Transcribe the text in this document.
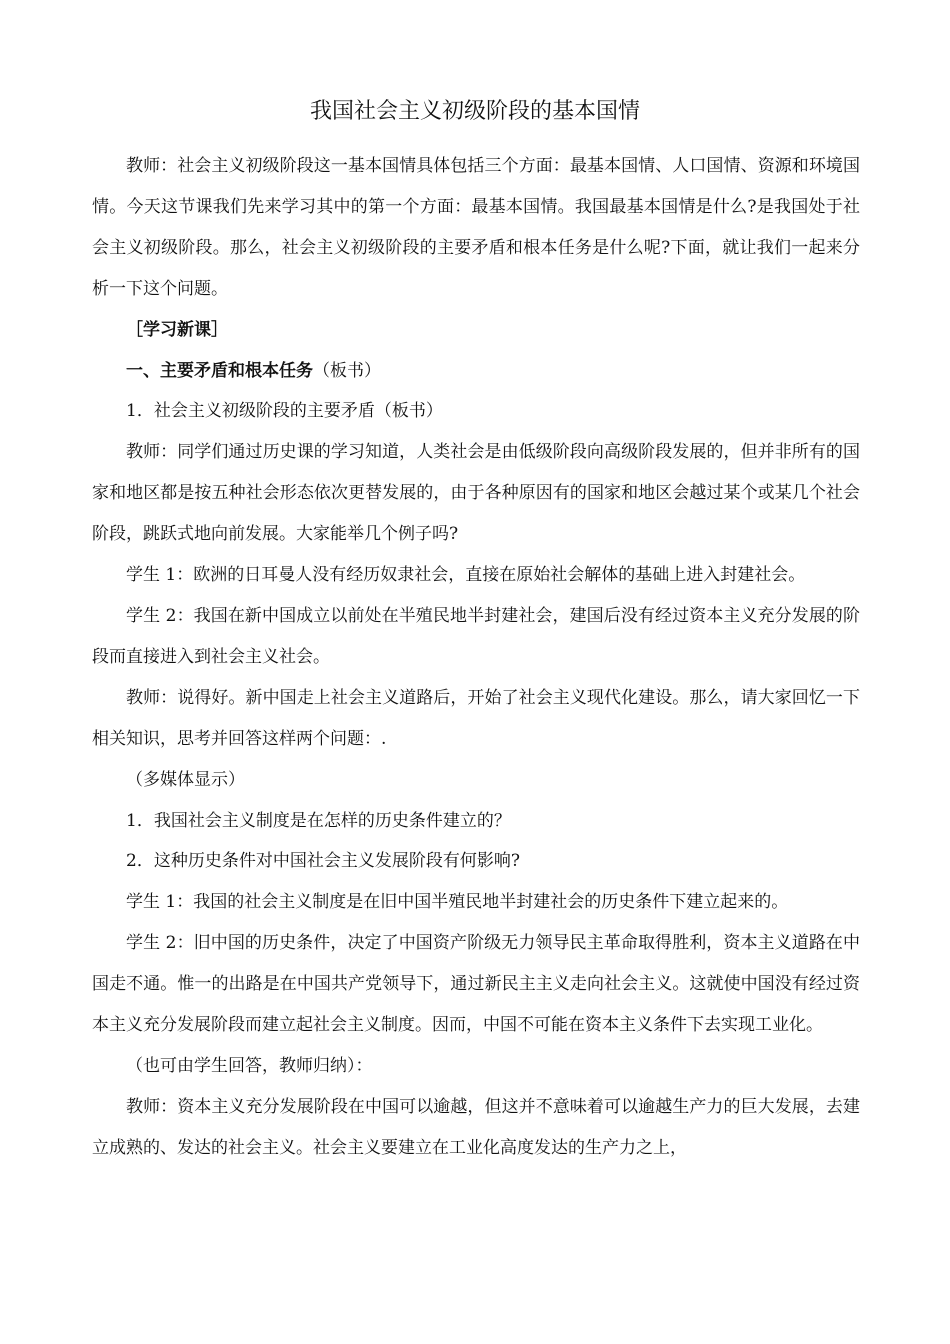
我国社会主义初级阶段的基本国情

教师：社会主义初级阶段这一基本国情具体包括三个方面：最基本国情、人口国情、资源和环境国情。今天这节课我们先来学习其中的第一个方面：最基本国情。我国最基本国情是什么?是我国处于社会主义初级阶段。那么，社会主义初级阶段的主要矛盾和根本任务是什么呢?下面，就让我们一起来分析一下这个问题。

［学习新课］

一、主要矛盾和根本任务（板书）

1．社会主义初级阶段的主要矛盾（板书）

教师：同学们通过历史课的学习知道，人类社会是由低级阶段向高级阶段发展的，但并非所有的国家和地区都是按五种社会形态依次更替发展的，由于各种原因有的国家和地区会越过某个或某几个社会阶段，跳跃式地向前发展。大家能举几个例子吗?

学生 1：欧洲的日耳曼人没有经历奴隶社会，直接在原始社会解体的基础上进入封建社会。

学生 2：我国在新中国成立以前处在半殖民地半封建社会，建国后没有经过资本主义充分发展的阶段而直接进入到社会主义社会。

教师：说得好。新中国走上社会主义道路后，开始了社会主义现代化建设。那么，请大家回忆一下相关知识，思考并回答这样两个问题：.

（多媒体显示）

1．我国社会主义制度是在怎样的历史条件建立的？

2．这种历史条件对中国社会主义发展阶段有何影响?

学生 1：我国的社会主义制度是在旧中国半殖民地半封建社会的历史条件下建立起来的。

学生 2：旧中国的历史条件，决定了中国资产阶级无力领导民主革命取得胜利，资本主义道路在中国走不通。惟一的出路是在中国共产党领导下，通过新民主主义走向社会主义。这就使中国没有经过资本主义充分发展阶段而建立起社会主义制度。因而，中国不可能在资本主义条件下去实现工业化。

（也可由学生回答，教师归纳）：

教师：资本主义充分发展阶段在中国可以逾越，但这并不意味着可以逾越生产力的巨大发展，去建立成熟的、发达的社会主义。社会主义要建立在工业化高度发达的生产力之上，
